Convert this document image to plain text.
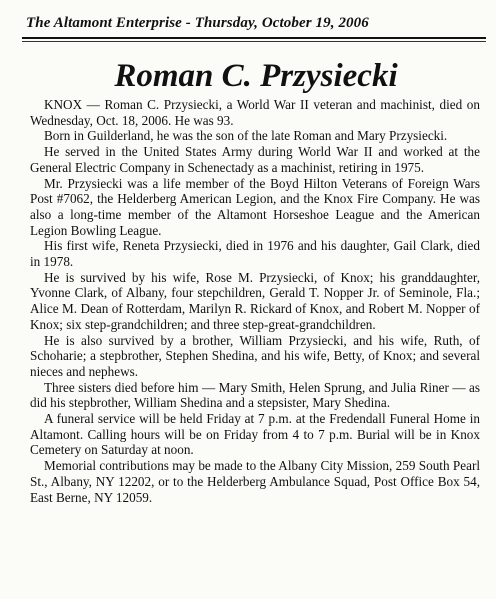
The Altamont Enterprise - Thursday, October 19, 2006
Roman C. Przysiecki

KNOX — Roman C. Przysiecki, a World War II veteran and machinist, died on Wednesday, Oct. 18, 2006. He was 93.

Born in Guilderland, he was the son of the late Roman and Mary Przysiecki.

He served in the United States Army during World War II and worked at the General Electric Company in Schenectady as a machinist, retiring in 1975.

Mr. Przysiecki was a life member of the Boyd Hilton Veterans of Foreign Wars Post #7062, the Helderberg American Legion, and the Knox Fire Company. He was also a long-time member of the Altamont Horseshoe League and the American Legion Bowling League.

His first wife, Reneta Przysiecki, died in 1976 and his daughter, Gail Clark, died in 1978.

He is survived by his wife, Rose M. Przysiecki, of Knox; his granddaughter, Yvonne Clark, of Albany, four stepchildren, Gerald T. Nopper Jr. of Seminole, Fla.; Alice M. Dean of Rotterdam, Marilyn R. Rickard of Knox, and Robert M. Nopper of Knox; six step-grandchildren; and three step-great-grandchildren.

He is also survived by a brother, William Przysiecki, and his wife, Ruth, of Schoharie; a stepbrother, Stephen Shedina, and his wife, Betty, of Knox; and several nieces and nephews.

Three sisters died before him — Mary Smith, Helen Sprung, and Julia Riner — as did his stepbrother, William Shedina and a stepsister, Mary Shedina.

A funeral service will be held Friday at 7 p.m. at the Fredendall Funeral Home in Altamont. Calling hours will be on Friday from 4 to 7 p.m. Burial will be in Knox Cemetery on Saturday at noon.

Memorial contributions may be made to the Albany City Mission, 259 South Pearl St., Albany, NY 12202, or to the Helderberg Ambulance Squad, Post Office Box 54, East Berne, NY 12059.
